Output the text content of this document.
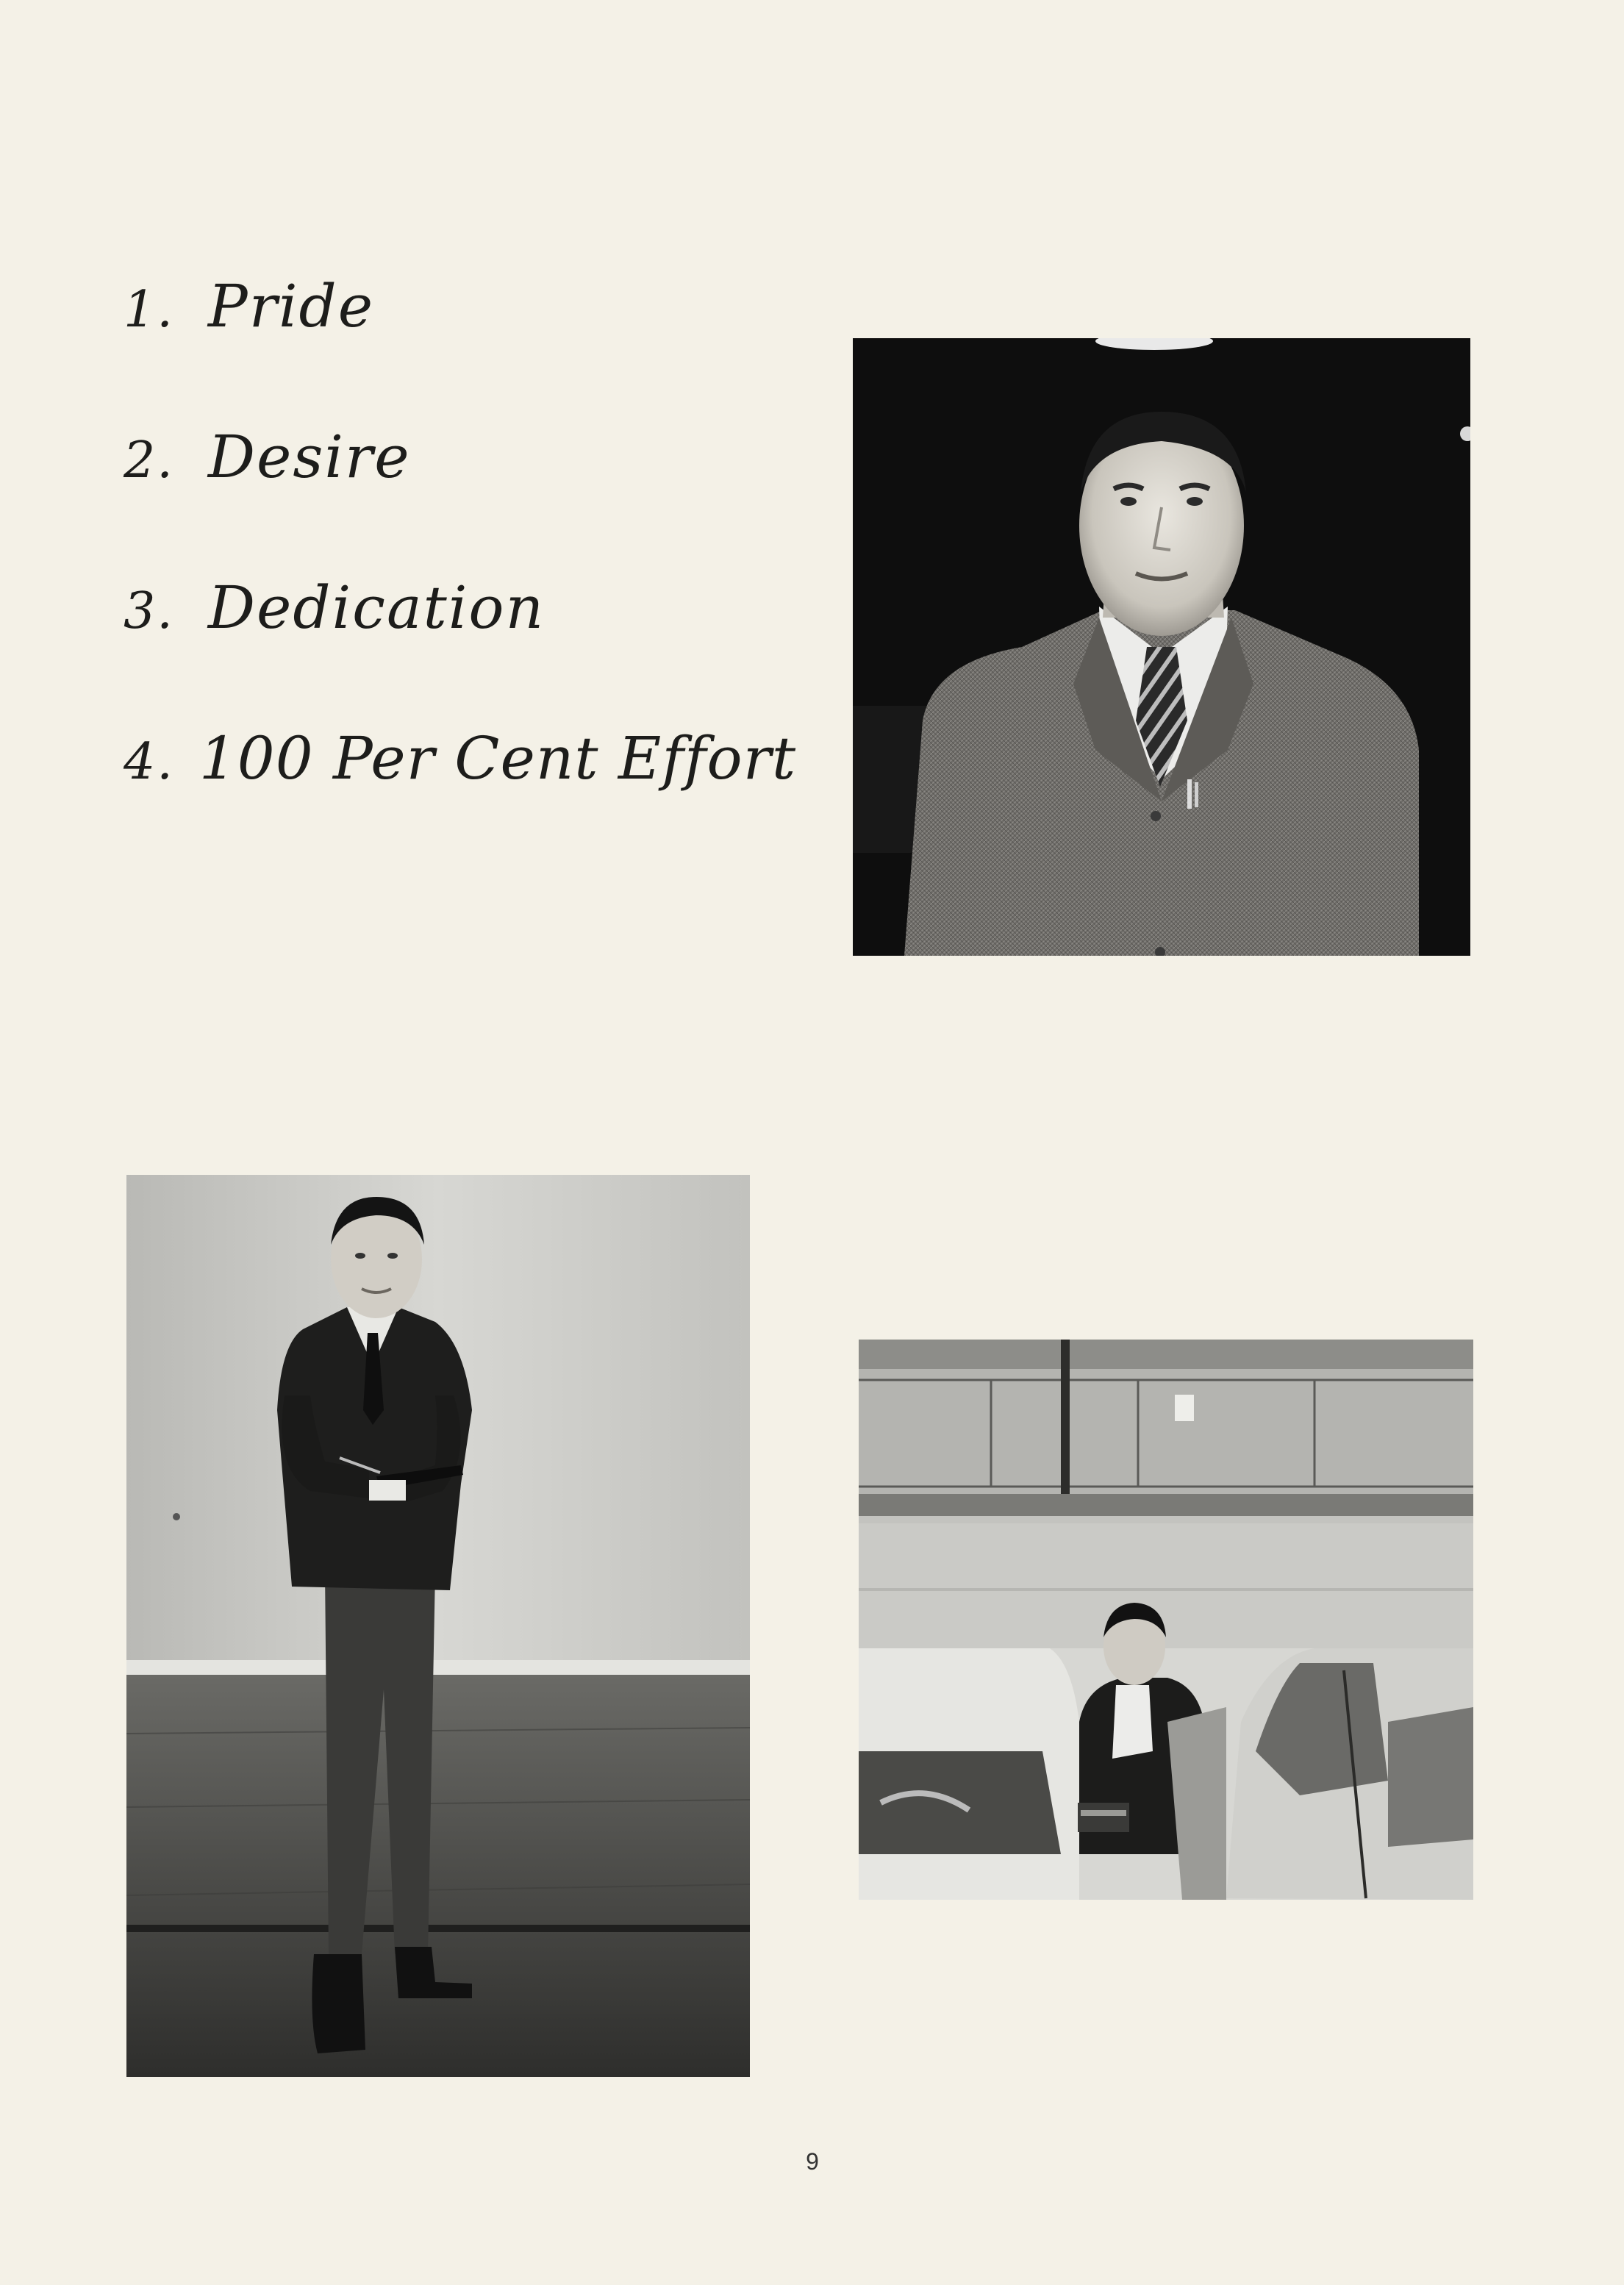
1. Pride
2. Desire
3. Dedication
4. 100 Per Cent Effort
9
